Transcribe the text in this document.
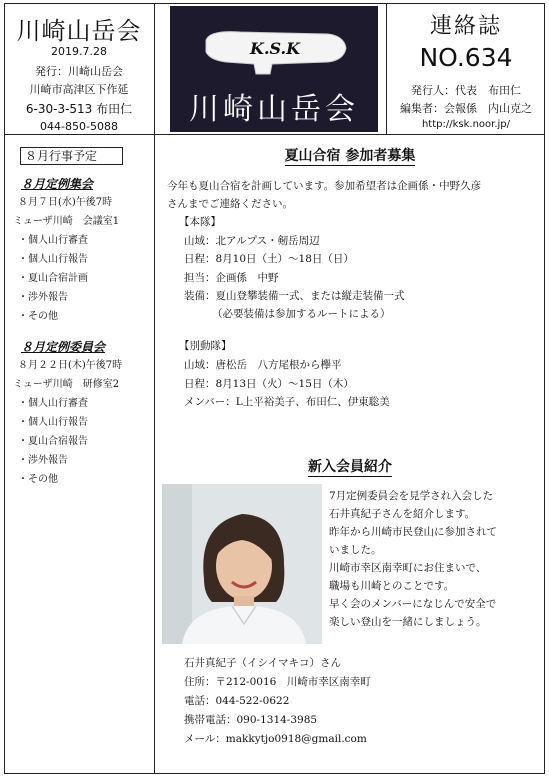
川崎山岳会
2019.7.28
発行：川崎山岳会
川崎市高津区下作延
6-30-3-513 布田仁
044-850-5088
K.S.K
川崎山岳会
連絡誌
NO.634
発行人：代表　布田仁
編集者：会報係　内山克之
http://ksk.noor.jp/
８月行事予定
８月定例集会
８月７日(水)午後7時
ミューザ川崎　会議室1
・個人山行審査
・個人山行報告
・夏山合宿計画
・渉外報告
・その他
８月定例委員会
８月２２日(木)午後7時
ミューザ川崎　研修室2
・個人山行審査
・個人山行報告
・夏山合宿報告
・渉外報告
・その他
夏山合宿 参加者募集
今年も夏山合宿を計画しています。参加希望者は企画係・中野久彦
さんまでご連絡ください。
【本隊】
山域：北アルプス・剱岳周辺
日程：8月10日（土）～18日（日）
担当：企画係　中野
装備：夏山登攀装備一式、または縦走装備一式
（必要装備は参加するルートによる）
【別動隊】
山域：唐松岳　八方尾根から欅平
日程：8月13日（火）～15日（木）
メンバー：L上平裕美子、布田仁、伊東聡美
新入会員紹介
7月定例委員会を見学され入会した
石井真紀子さんを紹介します。
昨年から川崎市民登山に参加されて
いました。
川崎市幸区南幸町にお住まいで、
職場も川崎とのことです。
早く会のメンバーになじんで安全で
楽しい登山を一緒にしましょう。
石井真紀子（イシイマキコ）さん
住所：〒212-0016　川崎市幸区南幸町
電話：044-522-0622
携帯電話：090-1314-3985
メール：makkytjo0918@gmail.com
